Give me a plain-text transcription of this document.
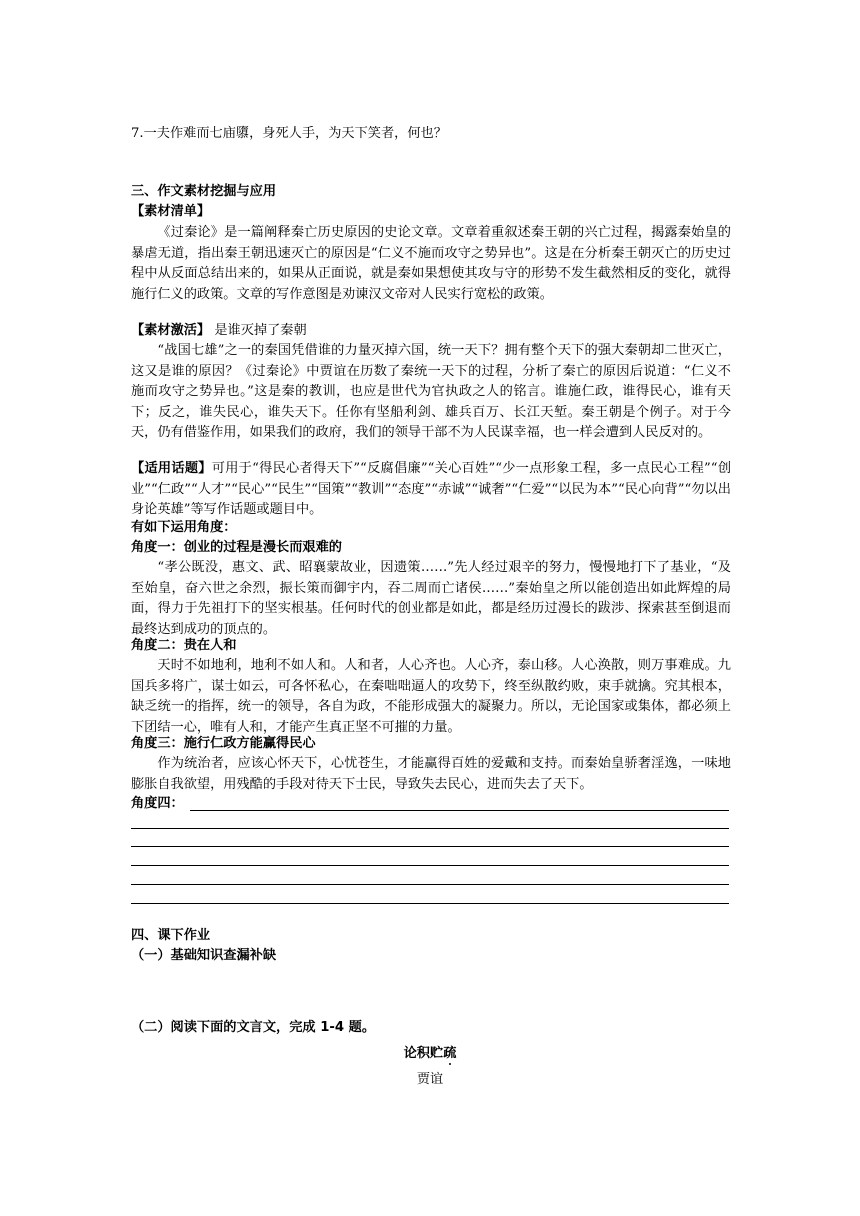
7.一夫作难而七庙隳，身死人手，为天下笑者，何也？
三、作文素材挖掘与应用
【素材清单】

《过秦论》是一篇阐释秦亡历史原因的史论文章。文章着重叙述秦王朝的兴亡过程，揭露秦始皇的暴虐无道，指出秦王朝迅速灭亡的原因是“仁义不施而攻守之势异也”。这是在分析秦王朝灭亡的历史过程中从反面总结出来的，如果从正面说，就是秦如果想使其攻与守的形势不发生截然相反的变化，就得施行仁义的政策。文章的写作意图是劝谏汉文帝对人民实行宽松的政策。

【素材激活】 是谁灭掉了秦朝

“战国七雄”之一的秦国凭借谁的力量灭掉六国，统一天下？拥有整个天下的强大秦朝却二世灭亡，这又是谁的原因？《过秦论》中贾谊在历数了秦统一天下的过程，分析了秦亡的原因后说道：“仁义不施而攻守之势异也。”这是秦的教训，也应是世代为官执政之人的铭言。谁施仁政，谁得民心，谁有天下；反之，谁失民心，谁失天下。任你有坚船利剑、雄兵百万、长江天堑。秦王朝是个例子。对于今天，仍有借鉴作用，如果我们的政府，我们的领导干部不为人民谋幸福，也一样会遭到人民反对的。

【适用话题】可用于“得民心者得天下”“反腐倡廉”“关心百姓”“少一点形象工程，多一点民心工程”“创业”“仁政”“人才”“民心”“民生”“国策”“教训”“态度”“赤诚”“诚奢”“仁爱”“以民为本”“民心向背”“勿以出身论英雄”等写作话题或题目中。

有如下运用角度：
角度一：创业的过程是漫长而艰难的

“孝公既没，惠文、武、昭襄蒙故业，因遗策……”先人经过艰辛的努力，慢慢地打下了基业，“及至始皇，奋六世之余烈，振长策而御宇内，吞二周而亡诸侯……”秦始皇之所以能创造出如此辉煌的局面，得力于先祖打下的坚实根基。任何时代的创业都是如此，都是经历过漫长的跋涉、探索甚至倒退而最终达到成功的顶点的。

角度二：贵在人和

天时不如地利，地利不如人和。人和者，人心齐也。人心齐，泰山移。人心涣散，则万事难成。九国兵多将广，谋士如云，可各怀私心，在秦咄咄逼人的攻势下，终至纵散约败，束手就擒。究其根本，缺乏统一的指挥，统一的领导，各自为政，不能形成强大的凝聚力。所以，无论国家或集体，都必须上下团结一心，唯有人和，才能产生真正坚不可摧的力量。

角度三：施行仁政方能赢得民心

作为统治者，应该心怀天下，心忧苍生，才能赢得百姓的爱戴和支持。而秦始皇骄奢淫逸，一味地膨胀自我欲望，用残酷的手段对待天下士民，导致失去民心，进而失去了天下。

角度四：
四、课下作业
（一）基础知识查漏补缺
（二）阅读下面的文言文，完成 1-4 题。
论积贮疏
贾谊
